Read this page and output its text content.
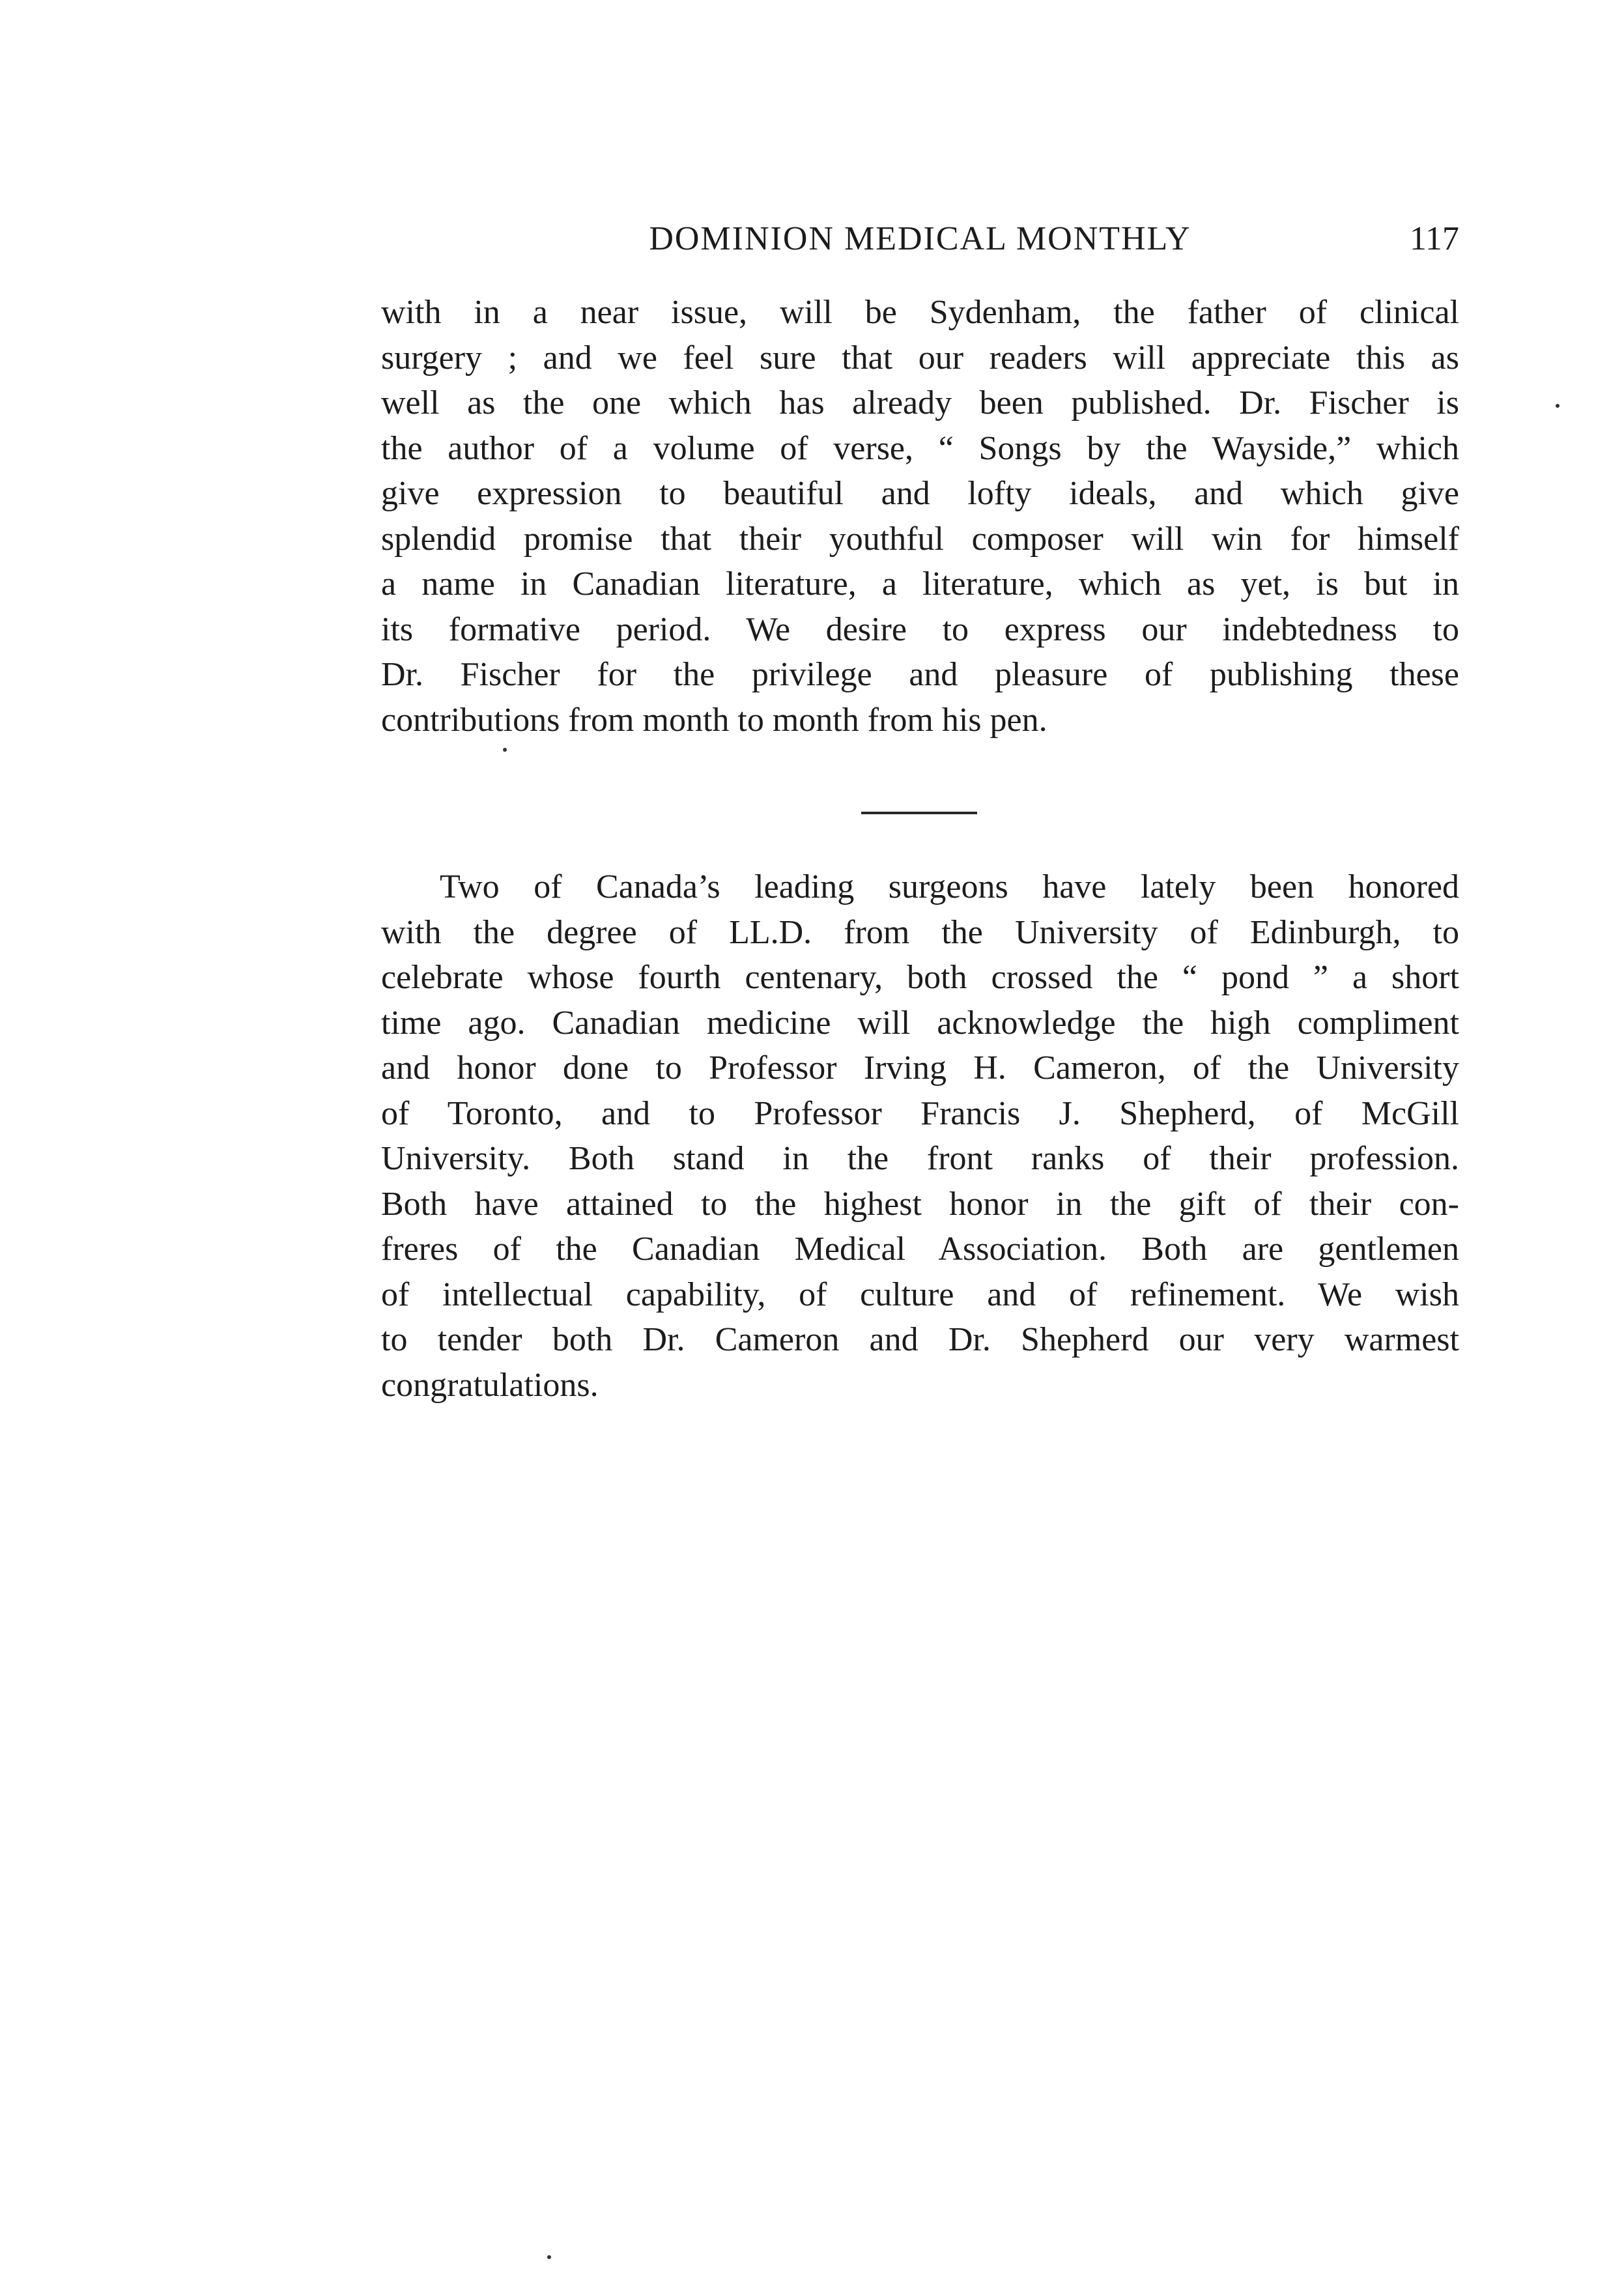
DOMINION MEDICAL MONTHLY	117
with in a near issue, will be Sydenham, the father of clinical
surgery ; and we feel sure that our readers will appreciate this as
well as the one which has already been published. Dr. Fischer is
the author of a volume of verse, “ Songs by the Wayside,” which
give expression to beautiful and lofty ideals, and which give
splendid promise that their youthful composer will win for himself
a name in Canadian literature, a literature, which as yet, is but in
its formative period. We desire to express our indebtedness to
Dr. Fischer for the privilege and pleasure of publishing these
contributions from month to month from his pen.
Two of Canada’s leading surgeons have lately been honored
with the degree of LL.D. from the University of Edinburgh, to
celebrate whose fourth centenary, both crossed the “ pond ” a short
time ago. Canadian medicine will acknowledge the high compliment
and honor done to Professor Irving H. Cameron, of the University
of Toronto, and to Professor Francis J. Shepherd, of McGill
University. Both stand in the front ranks of their profession.
Both have attained to the highest honor in the gift of their con-
freres of the Canadian Medical Association. Both are gentlemen
of intellectual capability, of culture and of refinement. We wish
to tender both Dr. Cameron and Dr. Shepherd our very warmest
congratulations.
